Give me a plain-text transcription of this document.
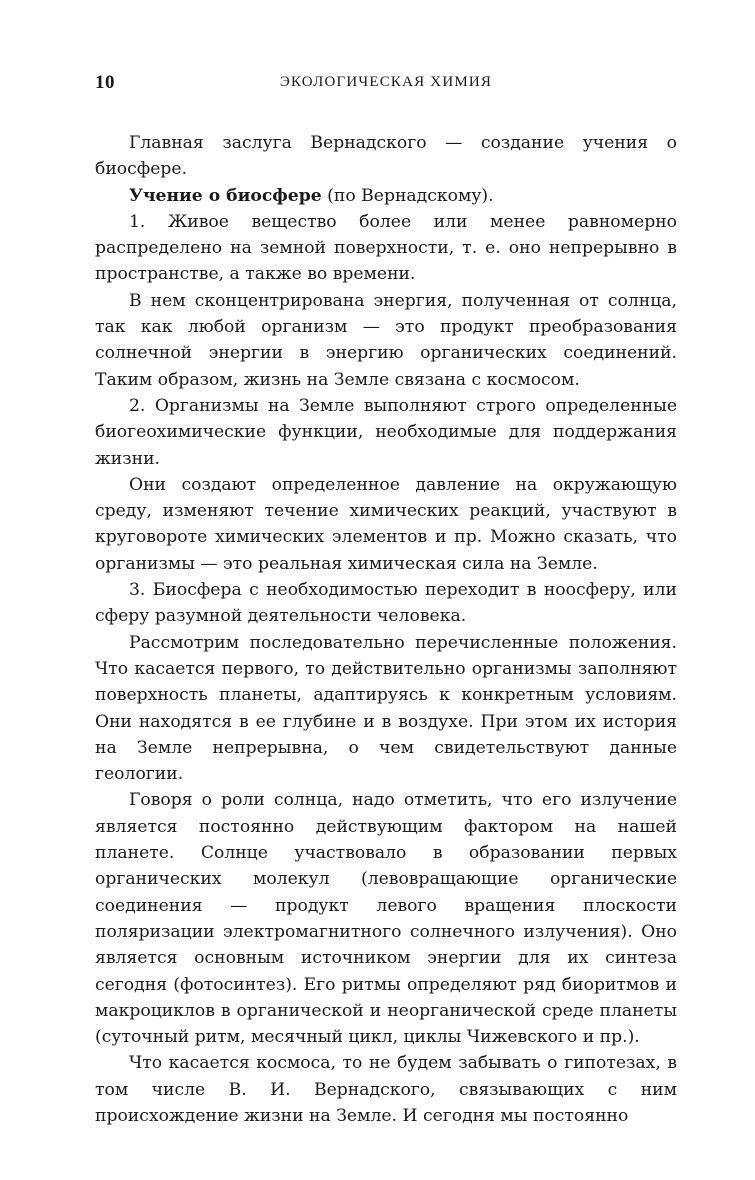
10	ЭКОЛОГИЧЕСКАЯ ХИМИЯ

Главная заслуга Вернадского — создание учения о биосфере.

Учение о биосфере (по Вернадскому).

1. Живое вещество более или менее равномерно распределено на земной поверхности, т. е. оно непрерывно в пространстве, а также во времени.

В нем сконцентрирована энергия, полученная от солнца, так как любой организм — это продукт преобразования солнечной энергии в энергию органических соединений. Таким образом, жизнь на Земле связана с космосом.

2. Организмы на Земле выполняют строго определенные биогеохимические функции, необходимые для поддержания жизни.

Они создают определенное давление на окружающую среду, изменяют течение химических реакций, участвуют в круговороте химических элементов и пр. Можно сказать, что организмы — это реальная химическая сила на Земле.

3. Биосфера с необходимостью переходит в ноосферу, или сферу разумной деятельности человека.

Рассмотрим последовательно перечисленные положения. Что касается первого, то действительно организмы заполняют поверхность планеты, адаптируясь к конкретным условиям. Они находятся в ее глубине и в воздухе. При этом их история на Земле непрерывна, о чем свидетельствуют данные геологии.

Говоря о роли солнца, надо отметить, что его излучение является постоянно действующим фактором на нашей планете. Солнце участвовало в образовании первых органических молекул (левовращающие органические соединения — продукт левого вращения плоскости поляризации электромагнитного солнечного излучения). Оно является основным источником энергии для их синтеза сегодня (фотосинтез). Его ритмы определяют ряд биоритмов и макроциклов в органической и неорганической среде планеты (суточный ритм, месячный цикл, циклы Чижевского и пр.).

Что касается космоса, то не будем забывать о гипотезах, в том числе В. И. Вернадского, связывающих с ним происхождение жизни на Земле. И сегодня мы постоянно
